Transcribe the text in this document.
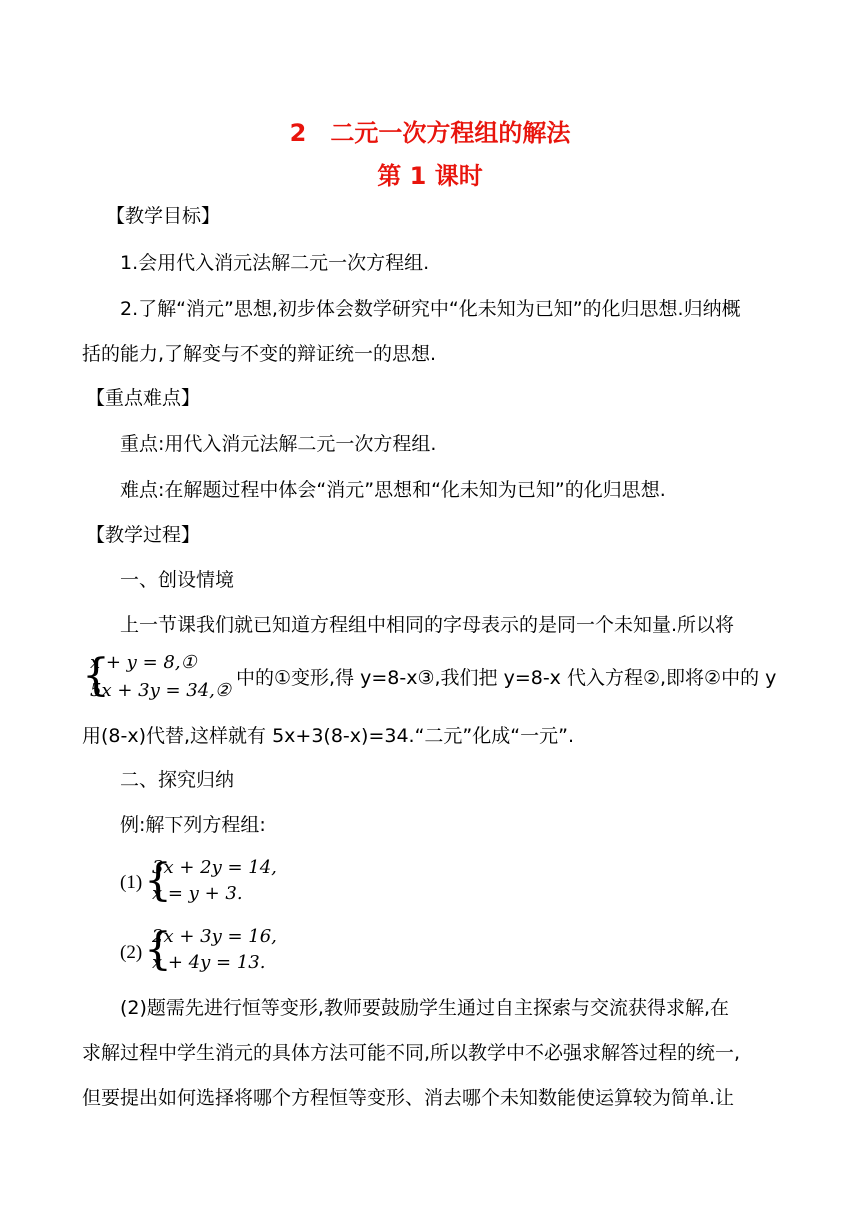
2　二元一次方程组的解法
第 1 课时
【教学目标】
1.会用代入消元法解二元一次方程组.
2.了解“消元”思想,初步体会数学研究中“化未知为已知”的化归思想.归纳概
括的能力,了解变与不变的辩证统一的思想.
【重点难点】
重点:用代入消元法解二元一次方程组.
难点:在解题过程中体会“消元”思想和“化未知为已知”的化归思想.
【教学过程】
一、创设情境
上一节课我们就已知道方程组中相同的字母表示的是同一个未知量.所以将
{
x + y = 8,①
5x + 3y = 34,②
中的①变形,得 y=8-x③,我们把 y=8-x 代入方程②,即将②中的 y
用(8-x)代替,这样就有 5x+3(8-x)=34.“二元”化成“一元”.
二、探究归纳
例:解下列方程组:
(1) {
3x + 2y = 14,
x = y + 3.
(2) {
2x + 3y = 16,
x + 4y = 13.
(2)题需先进行恒等变形,教师要鼓励学生通过自主探索与交流获得求解,在
求解过程中学生消元的具体方法可能不同,所以教学中不必强求解答过程的统一,
但要提出如何选择将哪个方程恒等变形、消去哪个未知数能使运算较为简单.让
